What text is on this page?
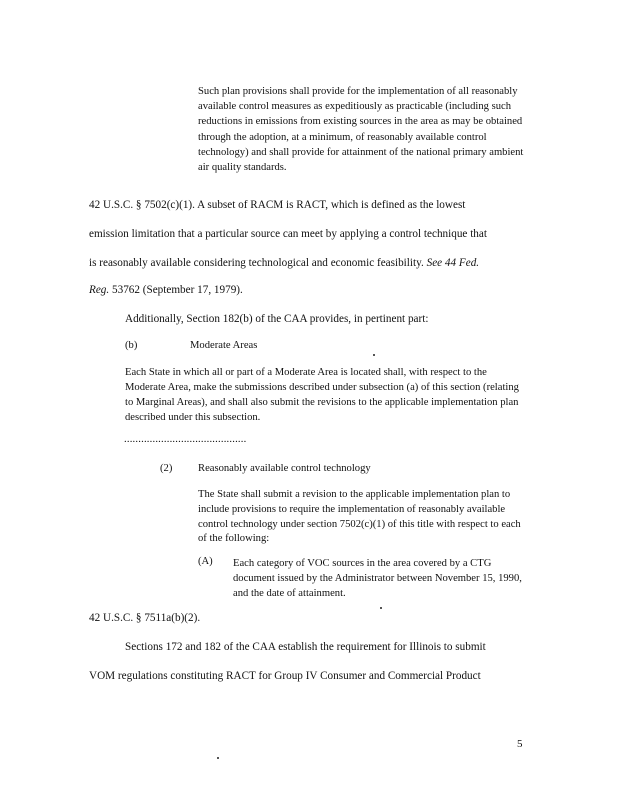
Such plan provisions shall provide for the implementation of all reasonably available control measures as expeditiously as practicable (including such reductions in emissions from existing sources in the area as may be obtained through the adoption, at a minimum, of reasonably available control technology) and shall provide for attainment of the national primary ambient air quality standards.
42 U.S.C. § 7502(c)(1). A subset of RACM is RACT, which is defined as the lowest
emission limitation that a particular source can meet by applying a control technique that
is reasonably available considering technological and economic feasibility. See 44 Fed.
Reg. 53762 (September 17, 1979).
Additionally, Section 182(b) of the CAA provides, in pertinent part:
(b)	Moderate Areas
Each State in which all or part of a Moderate Area is located shall, with respect to the Moderate Area, make the submissions described under subsection (a) of this section (relating to Marginal Areas), and shall also submit the revisions to the applicable implementation plan described under this subsection.
...........................................
(2) Reasonably available control technology
The State shall submit a revision to the applicable implementation plan to include provisions to require the implementation of reasonably available control technology under section 7502(c)(1) of this title with respect to each of the following:
(A) Each category of VOC sources in the area covered by a CTG document issued by the Administrator between November 15, 1990, and the date of attainment.
42 U.S.C. § 7511a(b)(2).
Sections 172 and 182 of the CAA establish the requirement for Illinois to submit
VOM regulations constituting RACT for Group IV Consumer and Commercial Product
5
